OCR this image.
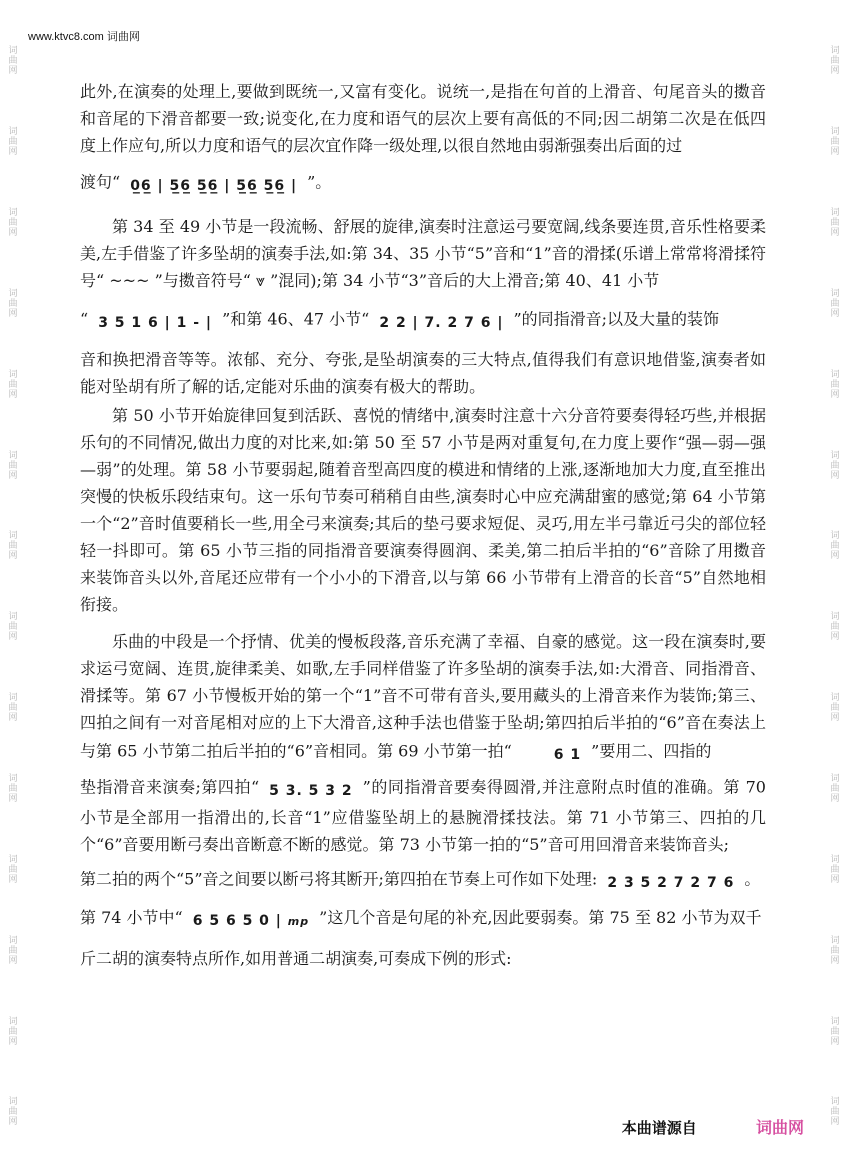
www.ktvc8.com 词曲网
词曲网
词曲网
词曲网
词曲网
词曲网
词曲网
词曲网
词曲网
词曲网
词曲网
词曲网
词曲网
词曲网
词曲网
词曲网
词曲网
词曲网
词曲网
词曲网
词曲网
词曲网
词曲网
词曲网
词曲网
词曲网
词曲网
词曲网
词曲网

此外,在演奏的处理上,要做到既统一,又富有变化。说统一,是指在句首的上滑音、句尾音头的擞音和音尾的下滑音都要一致;说变化,在力度和语气的层次上要有高低的不同;因二胡第二次是在低四度上作应句,所以力度和语气的层次宜作降一级处理,以很自然地由弱渐强奏出后面的过

渡句“ 0̲6̲ | 5̲6̲ 5̲6̲ | 5̲6̲ 5̲6̲ | ”。

第 34 至 49 小节是一段流畅、舒展的旋律,演奏时注意运弓要宽阔,线条要连贯,音乐性格要柔美,左手借鉴了许多坠胡的演奏手法,如:第 34、35 小节“5”音和“1”音的滑揉(乐谱上常常将滑揉符号“ ~~~ ”与擞音符号“ ⩔ ”混同);第 34 小节“3”音后的大上滑音;第 40、41 小节

“ 3 5 1 6 | 1 - | ”和第 46、47 小节“ 2 2 | 7. 2 7 6 | ”的同指滑音;以及大量的装饰

音和换把滑音等等。浓郁、充分、夸张,是坠胡演奏的三大特点,值得我们有意识地借鉴,演奏者如能对坠胡有所了解的话,定能对乐曲的演奏有极大的帮助。

第 50 小节开始旋律回复到活跃、喜悦的情绪中,演奏时注意十六分音符要奏得轻巧些,并根据乐句的不同情况,做出力度的对比来,如:第 50 至 57 小节是两对重复句,在力度上要作“强—弱—强—弱”的处理。第 58 小节要弱起,随着音型高四度的模进和情绪的上涨,逐渐地加大力度,直至推出突慢的快板乐段结束句。这一乐句节奏可稍稍自由些,演奏时心中应充满甜蜜的感觉;第 64 小节第一个“2”音时值要稍长一些,用全弓来演奏;其后的垫弓要求短促、灵巧,用左半弓靠近弓尖的部位轻轻一抖即可。第 65 小节三指的同指滑音要演奏得圆润、柔美,第二拍后半拍的“6”音除了用擞音来装饰音头以外,音尾还应带有一个小小的下滑音,以与第 66 小节带有上滑音的长音“5”自然地相衔接。

乐曲的中段是一个抒情、优美的慢板段落,音乐充满了幸福、自豪的感觉。这一段在演奏时,要求运弓宽阔、连贯,旋律柔美、如歌,左手同样借鉴了许多坠胡的演奏手法,如:大滑音、同指滑音、滑揉等。第 67 小节慢板开始的第一个“1”音不可带有音头,要用藏头的上滑音来作为装饰;第三、四拍之间有一对音尾相对应的上下大滑音,这种手法也借鉴于坠胡;第四拍后半拍的“6”音在奏法上与第 65 小节第二拍后半拍的“6”音相同。第 69 小节第一拍“	6 1 ”要用二、四指的

垫指滑音来演奏;第四拍“ 5 3. 5 3 2 ”的同指滑音要奏得圆滑,并注意附点时值的准确。第 70 小节是全部用一指滑出的,长音“1”应借鉴坠胡上的悬腕滑揉技法。第 71 小节第三、四拍的几个“6”音要用断弓奏出音断意不断的感觉。第 73 小节第一拍的“5”音可用回滑音来装饰音头;

第二拍的两个“5”音之间要以断弓将其断开;第四拍在节奏上可作如下处理: 2 3 5 2 7 2 7 6 。

第 74 小节中“ 6 5 6 5 0 | mp ”这几个音是句尾的补充,因此要弱奏。第 75 至 82 小节为双千

斤二胡的演奏特点所作,如用普通二胡演奏,可奏成下例的形式:

本曲谱源自	词曲网
